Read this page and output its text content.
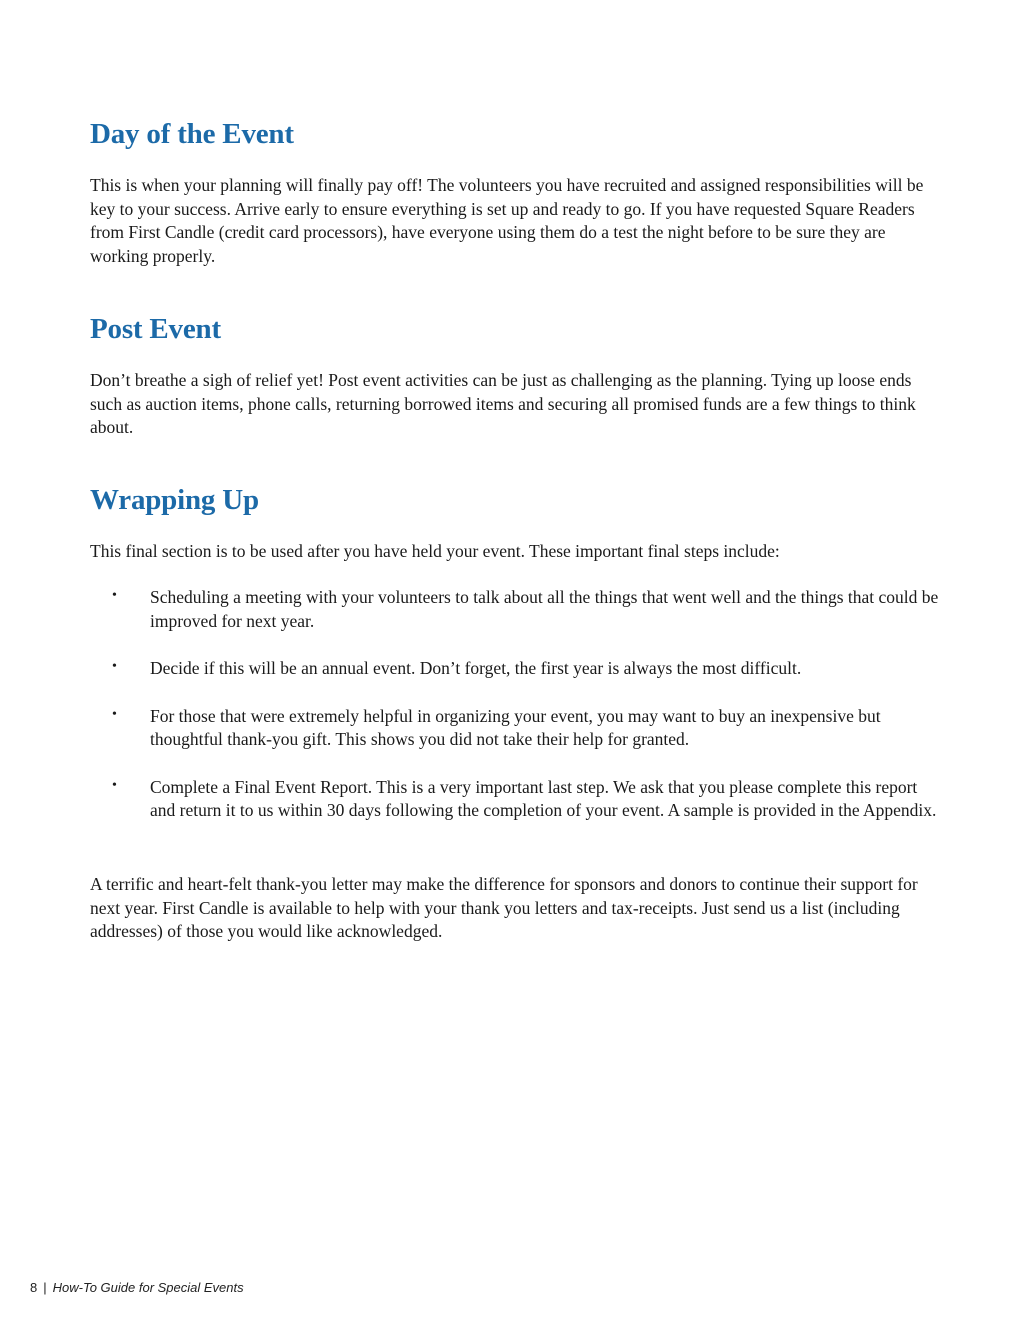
Day of the Event

This is when your planning will finally pay off! The volunteers you have recruited and assigned responsibilities will be key to your success. Arrive early to ensure everything is set up and ready to go. If you have requested Square Readers from First Candle (credit card processors), have everyone using them do a test the night before to be sure they are working properly.

Post Event

Don’t breathe a sigh of relief yet! Post event activities can be just as challenging as the planning. Tying up loose ends such as auction items, phone calls, returning borrowed items and securing all promised funds are a few things to think about.

Wrapping Up

This final section is to be used after you have held your event. These important final steps include:

• Scheduling a meeting with your volunteers to talk about all the things that went well and the things that could be improved for next year.
• Decide if this will be an annual event. Don’t forget, the first year is always the most difficult.
• For those that were extremely helpful in organizing your event, you may want to buy an inexpensive but thoughtful thank-you gift. This shows you did not take their help for granted.
• Complete a Final Event Report. This is a very important last step. We ask that you please complete this report and return it to us within 30 days following the completion of your event. A sample is provided in the Appendix.

A terrific and heart-felt thank-you letter may make the difference for sponsors and donors to continue their support for next year. First Candle is available to help with your thank you letters and tax-receipts. Just send us a list (including addresses) of those you would like acknowledged.

8 | How-To Guide for Special Events
